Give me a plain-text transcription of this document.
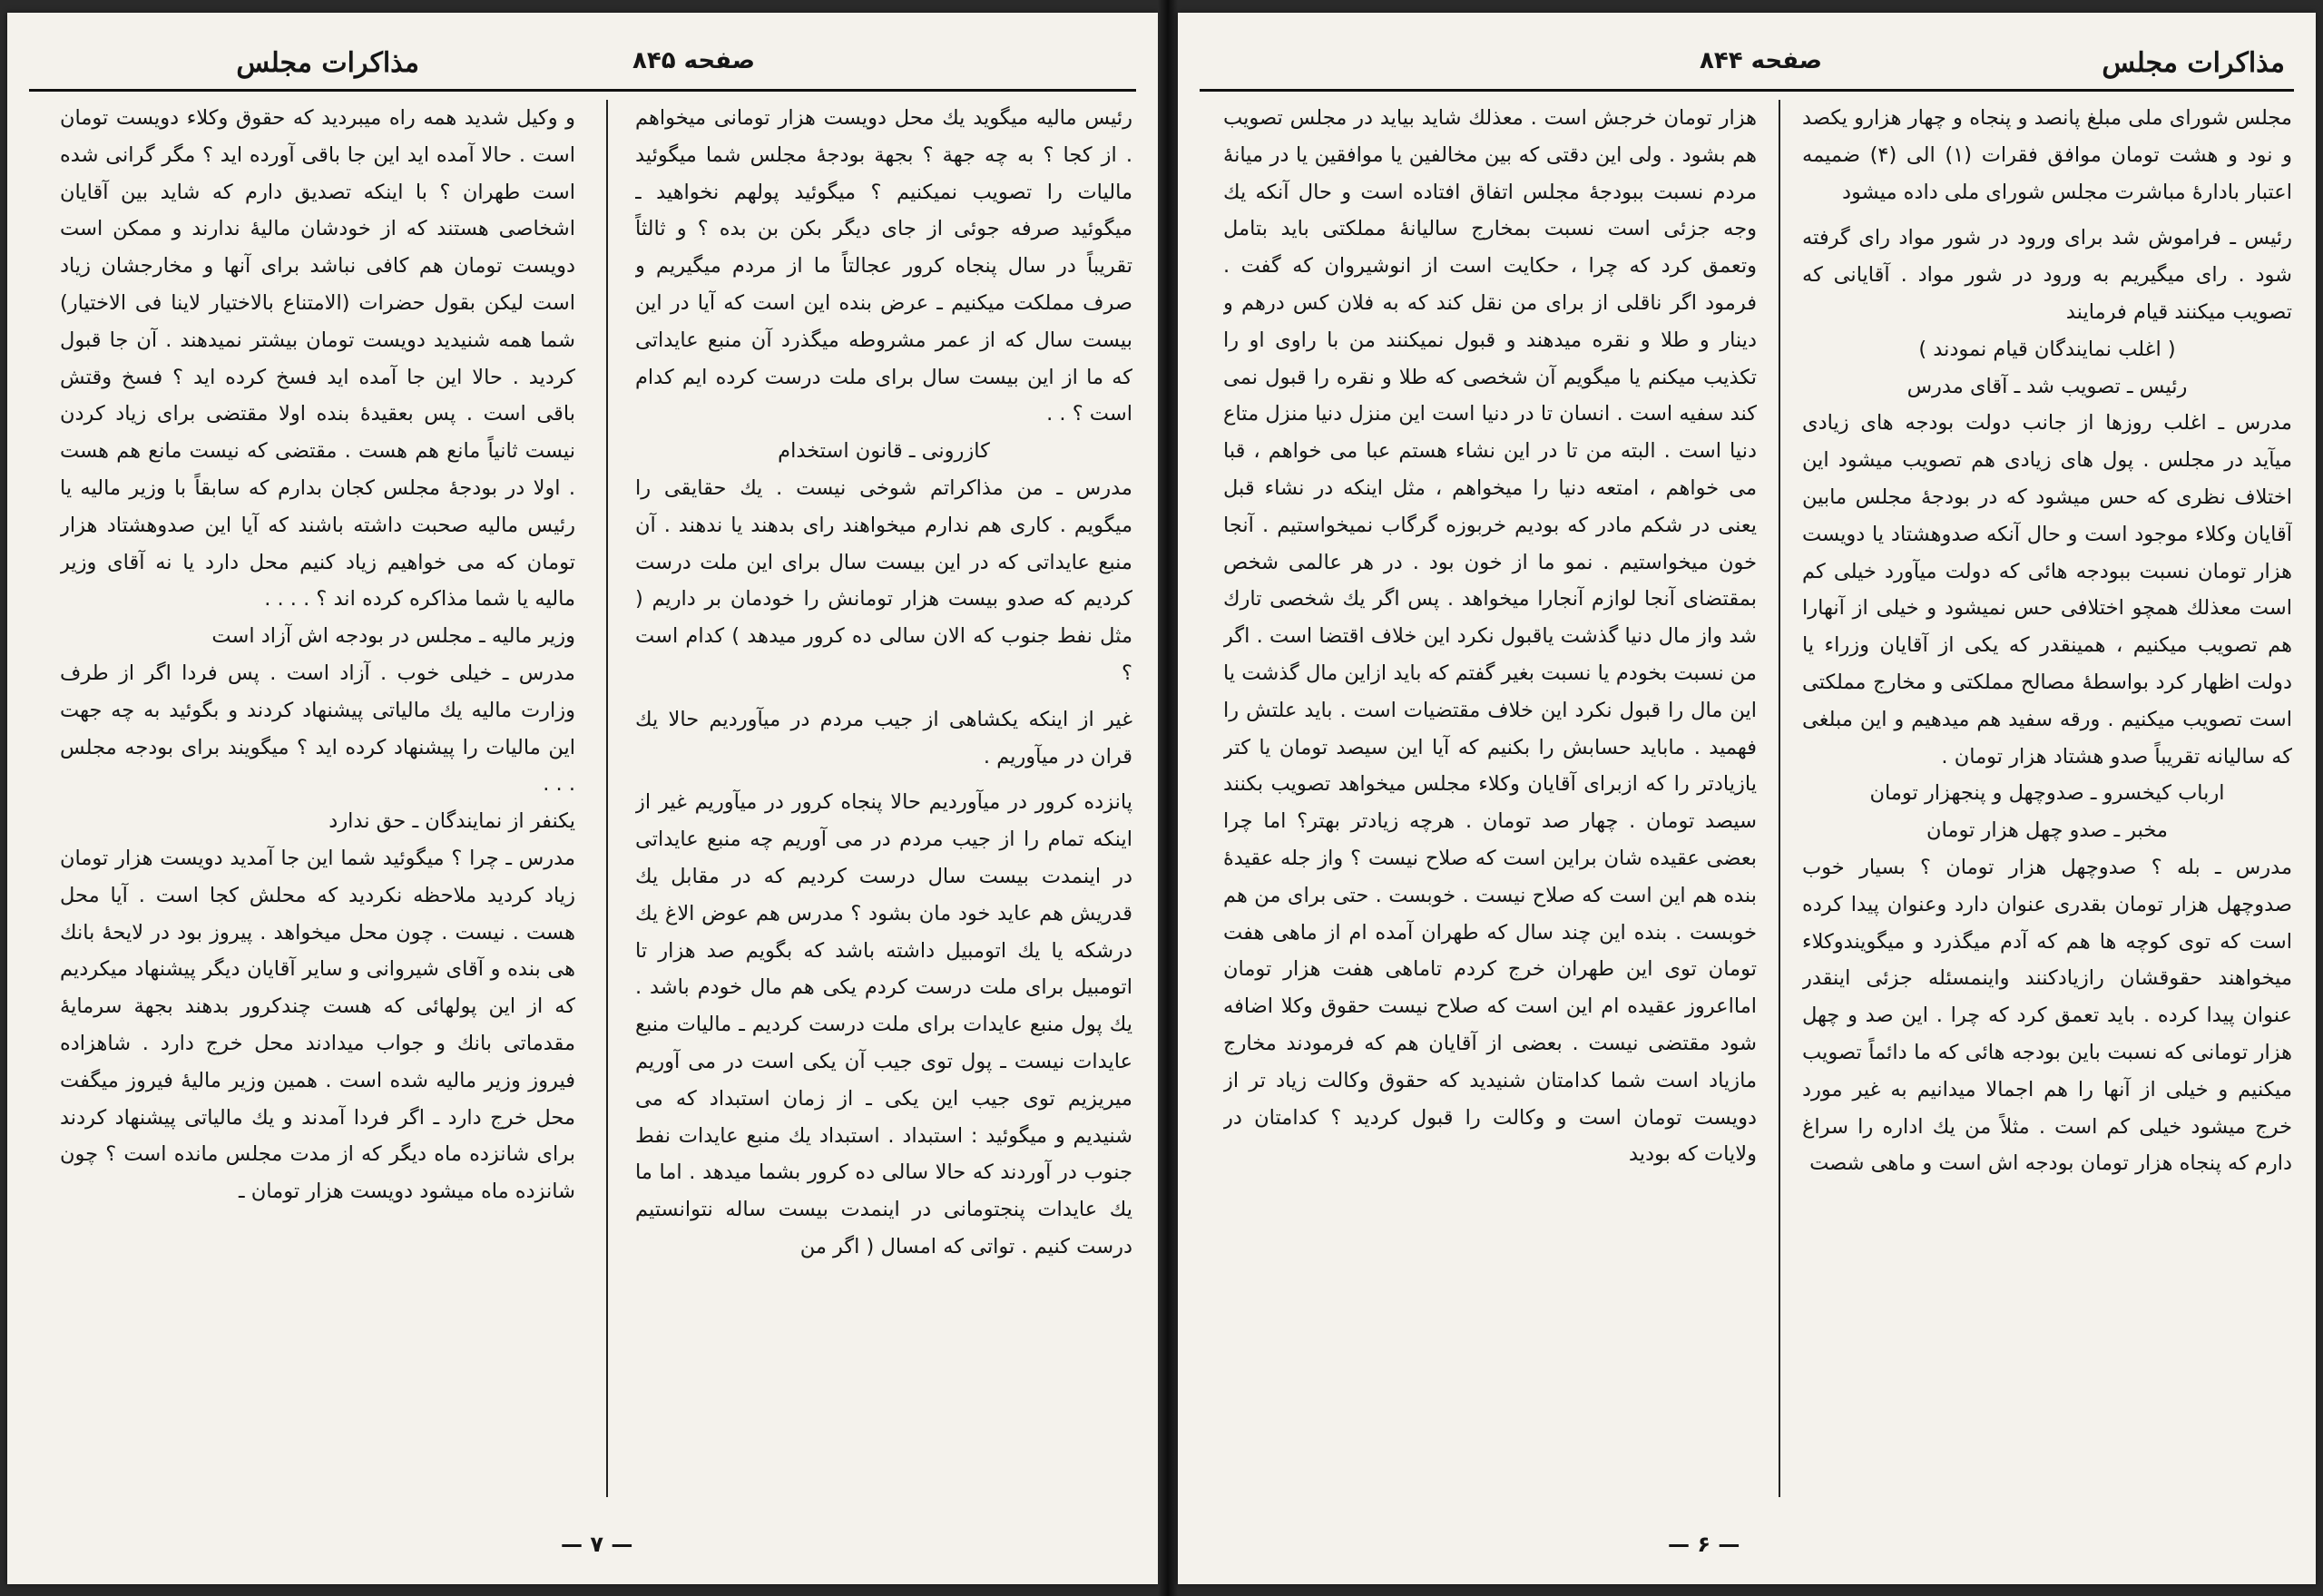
مذاکرات مجلس	صفحه ۸۴۵

رئیس مالیه میگوید یك محل دویست هزار تومانی میخواهم . از کجا ؟ به چه جهة ؟ بجهة بودجهٔ مجلس شما میگوئید مالیات را تصویب نمیکنیم ؟ میگوئید پولهم نخواهید ـ میگوئید صرفه جوئی از جای دیگر بکن بن بده ؟ و ثالثاً تقریباً در سال پنجاه کرور عجالتاً ما از مردم میگیریم و صرف مملکت میکنیم ـ عرض بنده این است که آیا در این بیست سال که از عمر مشروطه میگذرد آن منبع عایداتی که ما از این بیست سال برای ملت درست کرده ایم کدام است ؟ . .

کازرونی ـ قانون استخدام

مدرس ـ من مذاکراتم شوخی نیست . یك حقایقی را میگویم . کاری هم ندارم میخواهند رای بدهند یا ندهند . آن منبع عایداتی که در این بیست سال برای این ملت درست کردیم که صدو بیست هزار تومانش را خودمان بر داریم ( مثل نفط جنوب که الان سالی ده کرور میدهد ) کدام است ؟

غیر از اینکه یکشاهی از جیب مردم در میآوردیم حالا یك قران در میآوریم .

پانزده کرور در میآوردیم حالا پنجاه کرور در میآوریم غیر از اینکه تمام را از جیب مردم در می آوریم چه منبع عایداتی در اینمدت بیست سال درست کردیم که در مقابل یك قدریش هم عاید خود مان بشود ؟ مدرس هم عوض الاغ یك درشکه یا یك اتومبیل داشته باشد که بگویم صد هزار تا اتومبیل برای ملت درست کردم یکی هم مال خودم باشد . یك پول منبع عایدات برای ملت درست کردیم ـ مالیات منبع عایدات نیست ـ پول توی جیب آن یکی است در می آوریم میریزیم توی جیب این یکی ـ از زمان استبداد که می شنیدیم و میگوئید : استبداد . استبداد یك منبع عایدات نفط جنوب در آوردند که حالا سالی ده کرور بشما میدهد . اما ما یك عایدات پنجتومانی در اینمدت بیست ساله نتوانستیم درست کنیم . تواتی که امسال ( اگر من

و وکیل شدید همه راه میبردید که حقوق وکلاء دویست تومان است . حالا آمده اید این جا باقی آورده اید ؟ مگر گرانی شده است طهران ؟ با اینکه تصدیق دارم که شاید بین آقایان اشخاصی هستند که از خودشان مالیهٔ ندارند و ممکن است دویست تومان هم کافی نباشد برای آنها و مخارجشان زیاد است لیکن بقول حضرات (الامتناع بالاختیار لاینا فی الاختیار) شما همه شنیدید دویست تومان بیشتر نمیدهند . آن جا قبول کردید . حالا این جا آمده اید فسخ کرده اید ؟ فسخ وقتش باقی است . پس بعقیدهٔ بنده اولا مقتضی برای زیاد کردن نیست ثانیاً مانع هم هست . مقتضی که نیست مانع هم هست . اولا در بودجهٔ مجلس کجان بدارم که سابقاً با وزیر مالیه یا رئیس مالیه صحبت داشته باشند که آیا این صدوهشتاد هزار تومان که می خواهیم زیاد کنیم محل دارد یا نه آقای وزیر مالیه یا شما مذاکره کرده اند ؟ . . . .

وزیر مالیه ـ مجلس در بودجه اش آزاد است

مدرس ـ خیلی خوب . آزاد است . پس فردا اگر از طرف وزارت مالیه یك مالیاتی پیشنهاد کردند و بگوئید به چه جهت این مالیات را پیشنهاد کرده اید ؟ میگویند برای بودجه مجلس . . .

یکنفر از نمایندگان ـ حق ندارد

مدرس ـ چرا ؟ میگوئید شما این جا آمدید دویست هزار تومان زیاد کردید ملاحظه نکردید که محلش کجا است . آیا محل هست . نیست . چون محل میخواهد . پیروز بود در لایحهٔ بانك هی بنده و آقای شیروانی و سایر آقایان دیگر پیشنهاد میکردیم که از این پولهائی که هست چندکرور بدهند بجهة سرمایهٔ مقدماتی بانك و جواب میدادند محل خرج دارد . شاهزاده فیروز وزیر مالیه شده است . همین وزیر مالیهٔ فیروز میگفت محل خرج دارد ـ اگر فردا آمدند و یك مالیاتی پیشنهاد کردند برای شانزده ماه دیگر که از مدت مجلس مانده است ؟ چون شانزده ماه میشود دویست هزار تومان ـ

— ۷ —
مذاکرات مجلس
صفحه ۸۴۴

مجلس شورای ملی مبلغ پانصد و پنجاه و چهار هزارو یکصد و نود و هشت تومان موافق فقرات (۱) الی (۴) ضمیمه اعتبار بادارهٔ مباشرت مجلس شورای ملی داده میشود

رئیس ـ فراموش شد برای ورود در شور مواد رای گرفته شود . رای میگیریم به ورود در شور مواد . آقایانی که تصویب میکنند قیام فرمایند

( اغلب نمایندگان قیام نمودند )

رئیس ـ تصویب شد ـ آقای مدرس

مدرس ـ اغلب روزها از جانب دولت بودجه های زیادی میآید در مجلس . پول های زیادی هم تصویب میشود این اختلاف نظری که حس میشود که در بودجهٔ مجلس مابین آقایان وکلاء موجود است و حال آنکه صدوهشتاد یا دویست هزار تومان نسبت ببودجه هائی که دولت میآورد خیلی کم است معذلك همچو اختلافی حس نمیشود و خیلی از آنهارا هم تصویب میکنیم ، همینقدر که یکی از آقایان وزراء یا دولت اظهار کرد بواسطهٔ مصالح مملکتی و مخارج مملکتی است تصویب میکنیم . ورقه سفید هم میدهیم و این مبلغی که سالیانه تقریباً صدو هشتاد هزار تومان .

ارباب کیخسرو ـ صدوچهل و پنجهزار تومان

مخبر ـ صدو چهل هزار تومان

مدرس ـ بله ؟ صدوچهل هزار تومان ؟ بسیار خوب صدوچهل هزار تومان بقدری عنوان دارد وعنوان پیدا کرده است که توی کوچه ها هم که آدم میگذرد و میگویندوکلاء میخواهند حقوقشان رازیادکنند واینمسئله جزئی اینقدر عنوان پیدا کرده . باید تعمق کرد که چرا . این صد و چهل هزار تومانی که نسبت باین بودجه هائی که ما دائماً تصویب میکنیم و خیلی از آنها را هم اجمالا میدانیم به غیر مورد خرج میشود خیلی کم است . مثلاً من یك اداره را سراغ دارم که پنجاه هزار تومان بودجه اش است و ماهی شصت

هزار تومان خرجش است . معذلك شاید بیاید در مجلس تصویب هم بشود . ولی این دقتی که بین مخالفین یا موافقین یا در میانهٔ مردم نسبت ببودجهٔ مجلس اتفاق افتاده است و حال آنکه یك وجه جزئی است نسبت بمخارج سالیانهٔ مملکتی باید بتامل وتعمق کرد که چرا ، حکایت است از انوشیروان که گفت . فرمود اگر ناقلی از برای من نقل کند که به فلان کس درهم و دینار و طلا و نقره میدهند و قبول نمیکنند من با راوی او را تکذیب میکنم یا میگویم آن شخصی که طلا و نقره را قبول نمی کند سفیه است . انسان تا در دنیا است این منزل دنیا منزل متاع دنیا است . البته من تا در این نشاء هستم عبا می خواهم ، قبا می خواهم ، امتعه دنیا را میخواهم ، مثل اینکه در نشاء قبل یعنی در شکم مادر که بودیم خربوزه گرگاب نمیخواستیم . آنجا خون میخواستیم . نمو ما از خون بود . در هر عالمی شخص بمقتضای آنجا لوازم آنجارا میخواهد . پس اگر یك شخصی تارك شد واز مال دنیا گذشت یاقبول نکرد این خلاف اقتضا است . اگر من نسبت بخودم یا نسبت بغیر گفتم که باید ازاین مال گذشت یا این مال را قبول نکرد این خلاف مقتضیات است . باید علتش را فهمید . ماباید حسابش را بکنیم که آیا این سیصد تومان یا کتر یازیادتر را که ازبرای آقایان وکلاء مجلس میخواهد تصویب بکنند سیصد تومان . چهار صد تومان . هرچه زیادتر بهتر؟ اما چرا بعضی عقیده شان براین است که صلاح نیست ؟ واز جله عقیدهٔ بنده هم این است که صلاح نیست . خوبست . حتی برای من هم خوبست . بنده این چند سال که طهران آمده ام از ماهی هفت تومان توی این طهران خرج کردم تاماهی هفت هزار تومان امااعروز عقیده ام این است که صلاح نیست حقوق وکلا اضافه شود مقتضی نیست . بعضی از آقایان هم که فرمودند مخارج مازیاد است شما کدامتان شنیدید که حقوق وکالت زیاد تر از دویست تومان است و وکالت را قبول کردید ؟ کدامتان در ولایات که بودید

— ۶ —
